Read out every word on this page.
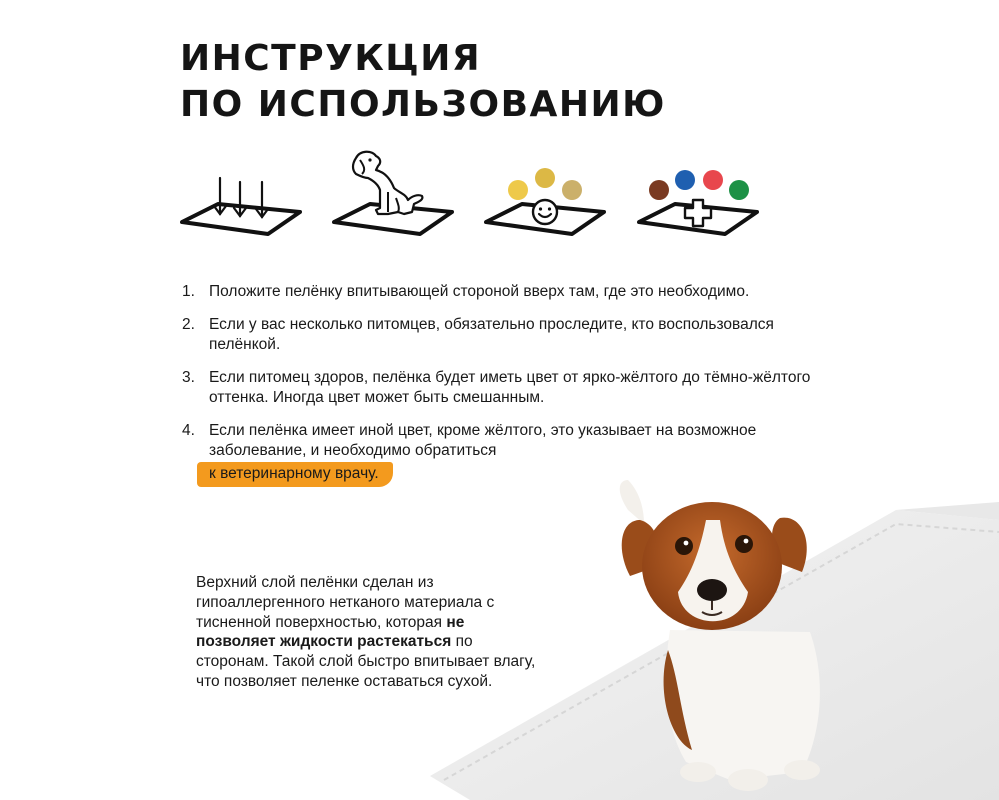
ИНСТРУКЦИЯ
ПО ИСПОЛЬЗОВАНИЮ
1. Положите пелёнку впитывающей стороной вверх там, где это необходимо.
2. Если у вас несколько питомцев, обязательно проследите, кто воспользовался пелёнкой.
3. Если питомец здоров, пелёнка будет иметь цвет от ярко-жёлтого до тёмно-жёлтого оттенка. Иногда цвет может быть смешанным.
4. Если пелёнка имеет иной цвет, кроме жёлтого, это указывает на возможное заболевание, и необходимо обратиться
к ветеринарному врачу.

Верхний слой пелёнки сделан из гипоаллергенного нетканого материала с тисненной поверхностью, которая не позволяет жидкости растекаться по сторонам. Такой слой быстро впитывает влагу, что позволяет пеленке оставаться сухой.
